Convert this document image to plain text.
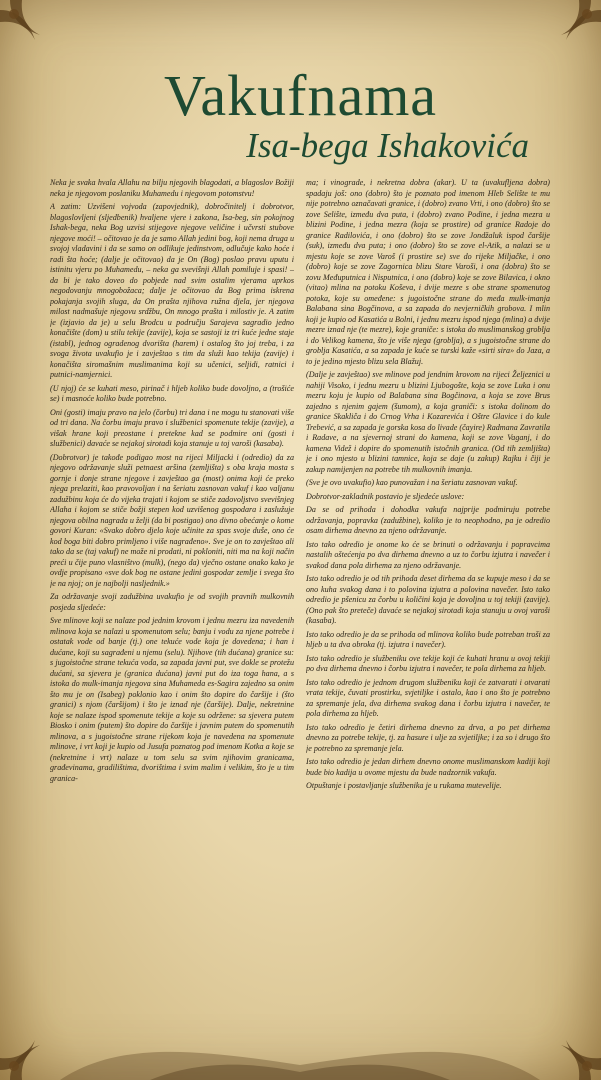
Vakufnama
Isa-bega Ishakovića

Neka je svaka hvala Allahu na bilju njegovih blagodati, a blagoslov Božiji neka je njegovom poslaniku Muhamedu i njegovom potomstvu!

A zatim: Uzvišeni vojvoda (zapovjednik), dobročinitelj i dobrotvor, blagoslovljeni (sljedbenik) hvaljene vjere i zakona, Isa-beg, sin pokojnog Ishak-bega, neka Bog uzvisi stijegove njegove veličine i učvrsti stubove njegove moći! – očitovao je da je samo Allah jedini bog, koji nema druga u svojoj vladavini i da se samo on odlikuje jedinstvom, odlučuje kako hoće i radi šta hoće; (dalje je očitovao) da je On (Bog) poslao pravu uputu i istinitu vjeru po Muhamedu, – neka ga svevišnji Allah pomiluje i spasi! – da bi je tako doveo do pobjede nad svim ostalim vjerama uprkos negodovanju mnogobožaca; dalje je očitovao da Bog prima iskrena pokajanja svojih sluga, da On prašta njihova ružna djela, jer njegova milost nadmašuje njegovu srdžbu, On mnogo prašta i milostiv je. A zatim je (izjavio da je) u selu Brodcu u području Sarajeva sagradio jedno konačište (dom) u stilu tekije (zavije), koja se sastoji iz tri kuće jedne staje (istabl), jednog ogradenog dvorišta (harem) i ostalog što joj treba, i za svoga života uvakufio je i zavještao s tim da služi kao tekija (zavije) i konačišta siromašnim muslimanima koji su učenici, seljidi, ratnici i putnici-namjernici.

(U njoj) će se kuhati meso, pirinač i hljeb koliko bude dovoljno, a (trošiće se) i masnoće koliko bude potrebno.

Oni (gosti) imaju pravo na jelo (čorbu) tri dana i ne mogu tu stanovati više od tri dana. Na čorbu imaju pravo i službenici spomenute tekije (zavije), a višak hrane koji preostane i pretekne kad se podmire oni (gosti i službenici) davaće se nejakoj sirotadi koja stanuje u toj varoši (kasaba).

(Dobrotvor) je takođe podigao most na rijeci Miljacki i (odredio) da za njegovo održavanje služi petnaest aršina (zemljišta) s oba kraja mosta s gornje i donje strane njegove i zavještao ga (most) onima koji će preko njega prelaziti, kao pravovoljan i na šeriatu zasnovan vakuf i kao valjanu zadužbinu koja će do vijeka trajati i kojom se stiče zadovoljstvo svevišnjeg Allaha i kojom se stiče božji stepen kod uzvišenog gospodara i zaslužuje njegova obilna nagrada u želji (da bi postigao) ono divno obećanje o kome govori Kuran: «Svako dobro djelo koje učinite za spas svoje duše, ono će kod boga biti dobro primljeno i više nagrađeno». Sve je on to zavještao ali tako da se (taj vakuf) ne može ni prodati, ni pokloniti, niti ma na koji način preći u čije puno vlasništvo (mulk), (nego da) vječno ostane onako kako je ovdje propisano «sve dok bog ne ostane jedini gospodar zemlje i svega što je na njoj; on je najbolji nasljednik.»

Za održavanje svoji zadužbina uvakufio je od svojih pravnih mulkovnih posjeda sljedeće:

Sve mlinove koji se nalaze pod jednim krovom i jednu mezru iza navedenih mlinova koja se nalazi u spomenutom selu; banju i vodu za njene potrebe i ostatak vode od banje (tj.) one tekuće vode koja je dovedena; i han i dućane, koji su sagrađeni u njemu (selu). Njihove (tih dućana) granice su: s jugoistočne strane tekuća voda, sa zapada javni put, sve dokle se protežu dućani, sa sjevera je (granica dućana) javni put do iza toga hana, a s istoka do mulk-imanja njegova sina Muhameda es-Sagira zajedno sa onim što mu je on (Isabeg) poklonio kao i onim što dopire do čaršije i (što granici) s njom (čaršijom) i što je iznad nje (čaršije). Dalje, nekretnine koje se nalaze ispod spomenute tekije a koje su održene: sa sjevera putem Biosko i onim (putem) što dopire do čaršije i javnim putem do spomenutih mlinova, a s jugoistočne strane rijekom koja je navedena na spomenute mlinove, i vrt koji je kupio od Jusufa poznatog pod imenom Kotka a koje se (nekretnine i vrt) nalaze u tom selu sa svim njihovim granicama, građevinama, gradilištima, dvorištima i svim malim i velikim, što je u tim granica-

ma; i vinograde, i nekretna dobra (akar). U ta (uvakufljena dobra) spadaju još: ono (dobro) što je poznato pod imenom Hleb Selište te mu nije potrebno označavati granice, i (dobro) zvano Vrti, i ono (dobro) što se zove Selište, između dva puta, i (dobro) zvano Podine, i jedna mezra u blizini Podine, i jedna mezra (koja se prostire) od granice Radoje do granice Radilovića, i ono (dobro) što se zove Jondžaluk ispod čaršije (suk), između dva puta; i ono (dobro) što se zove el-Atik, a nalazi se u mjestu koje se zove Varoš (i prostire se) sve do rijeke Miljačke, i ono (dobro) koje se zove Zagornica blizu Stare Varoši, i ona (dobra) što se zovu Međuputnica i Nisputnica, i ono (dobro) koje se zove Bilavica, i okno (vitao) mlina na potoku Koševa, i dvije mezre s obe strane spomenutog potoka, koje su omeđene: s jugoistočne strane do međa mulk-imanja Balabana sina Bogčinova, a sa zapada do nevjerničkih grobova. I mlin koji je kupio od Kasatića u Bolni, i jednu mezru ispod njega (mlina) a dvije mezre iznad nje (te mezre), koje graniče: s istoka do muslimanskog groblja i do Velikog kamena, što je više njega (groblja), a s jugoistočne strane do groblja Kasatića, a sa zapada je kuće se turski kaže «sirti sira» do Jaza, a to je jedino mjesto blizu sela Blažuj.

(Dalje je zavještao) sve mlinove pod jendnim krovom na rijeci Željeznici u nahiji Visoko, i jednu mezru u blizini Ljubogošte, koja se zove Luka i onu mezru koju je kupio od Balabana sina Bogčinova, a koja se zove Brus zajedno s njenim gajem (šumom), a koja graniči: s istoka dolinom do granice Skakliča i do Crnog Vrha i Kozarevića i Oštre Glavice i do kule Trebević, a sa zapada je gorska kosa do livade (čayire) Radmana Zavratila i Radave, a na sjevernoj strani do kamena, koji se zove Vaganj, i do kamena Videž i dopire do spomenutih istočnih granica. (Od tih zemljišta) je i ono mjesto u blizini tamnice, koja se daje (u zakup) Rajku i čiji je zakup namijenjen na potrebe tih mulkovnih imanja.

(Sve je ovo uvakufio) kao punovažan i na šeriatu zasnovan vakuf.

Dobrotvor-zakladnik postavio je sljedeće uslove:

Da se od prihoda i dohodka vakufa najprije podmiruju potrebe održavanja, popravka (zadužbine), koliko je to neophodno, pa je odredio osam dirhema dnevno za njeno održavanje.

Isto tako odredio je onome ko će se brinuti o održavanju i popravcima nastalih oštećenja po dva dirhema dnevno a uz to čorbu izjutra i navečer i svakod dana pola dirhema za njeno održavanje.

Isto tako odredio je od tih prihoda deset dirhema da se kupuje meso i da se ono kuha svakog dana i to polovina izjutra a polovina navečer. Isto tako odredio je pšenicu za čorbu u količini koja je dovoljna u toj tekiji (zavije). (Ono pak što preteče) davaće se nejakoj sirotadi koja stanuju u ovoj varoši (kasaba).

Isto tako odredio je da se prihoda od mlinova koliko bude potreban troši za hljeb u ta dva obroka (tj. izjutra i navečer).

Isto tako odredio je službeniku ove tekije koji će kuhati hranu u ovoj tekiji po dva dirhema dnevno i čorbu izjutra i navečer, te pola dirhema za hljeb.

Isto tako odredio je jednom drugom službeniku koji će zatvarati i otvarati vrata tekije, čuvati prostirku, svjetiljke i ostalo, kao i ono što je potrebno za spremanje jela, dva dirhema svakog dana i čorbu izjutra i navečer, te pola dirhema za hljeb.

Isto tako odredio je četiri dirhema dnevno za drva, a po pet dirhema dnevno za potrebe tekije, tj. za hasure i ulje za svjetiljke; i za so i drugo što je potrebno za spremanje jela.

Isto tako odredio je jedan dirhem dnevno onome muslimanskom kadiji koji bude bio kadija u ovome mjestu da bude nadzornik vakufa.

Otpuštanje i postavljanje službenika je u rukama mutevelije.
